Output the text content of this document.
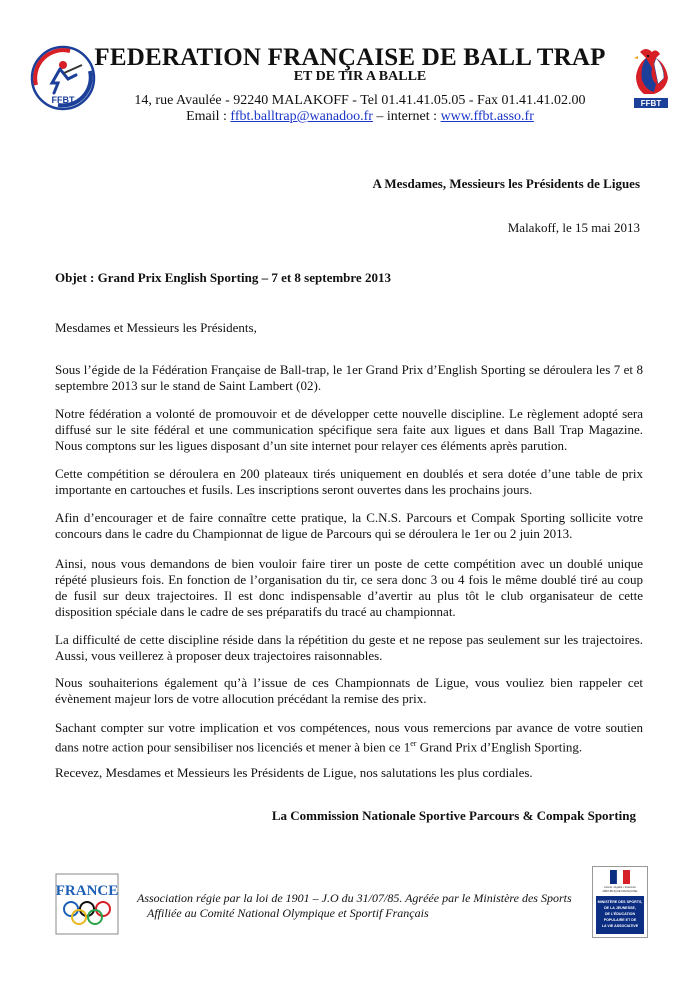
FFBT	FFBT
FEDERATION FRANÇAISE DE BALL TRAP
ET DE TIR A BALLE
14, rue Avaulée - 92240 MALAKOFF - Tel 01.41.41.05.05 - Fax 01.41.41.02.00
Email : ffbt.balltrap@wanadoo.fr – internet : www.ffbt.asso.fr
A Mesdames, Messieurs les Présidents de Ligues
Malakoff, le 15 mai 2013
Objet : Grand Prix English Sporting – 7 et 8 septembre 2013
Mesdames et Messieurs les Présidents,
Sous l’égide de la Fédération Française de Ball-trap, le 1er Grand Prix d’English Sporting se déroulera les 7 et 8 septembre 2013 sur le stand de Saint Lambert (02).
Notre fédération a volonté de promouvoir et de développer cette nouvelle discipline. Le règlement adopté sera diffusé sur le site fédéral et une communication spécifique sera faite aux ligues et dans Ball Trap Magazine. Nous comptons sur les ligues disposant d’un site internet pour relayer ces éléments après parution.
Cette compétition se déroulera en 200 plateaux tirés uniquement en doublés et sera dotée d’une table de prix importante en cartouches et fusils. Les inscriptions seront ouvertes dans les prochains jours.
Afin d’encourager et de faire connaître cette pratique, la C.N.S. Parcours et Compak Sporting sollicite votre concours dans le cadre du Championnat de ligue de Parcours qui se déroulera le 1er ou 2 juin 2013.
Ainsi, nous vous demandons de bien vouloir faire tirer un poste de cette compétition avec un doublé unique répété plusieurs fois. En fonction de l’organisation du tir, ce sera donc 3 ou 4 fois le même doublé tiré au coup de fusil sur deux trajectoires. Il est donc indispensable d’avertir au plus tôt le club organisateur de cette disposition spéciale dans le cadre de ses préparatifs du tracé au championnat.
La difficulté de cette discipline réside dans la répétition du geste et ne repose pas seulement sur les trajectoires. Aussi, vous veillerez à proposer deux trajectoires raisonnables.
Nous souhaiterions également qu’à l’issue de ces Championnats de Ligue, vous vouliez bien rappeler cet évènement majeur lors de votre allocution précédant la remise des prix.
Sachant compter sur votre implication et vos compétences, nous vous remercions par avance de votre soutien dans notre action pour sensibiliser nos licenciés et mener à bien ce 1er Grand Prix d’English Sporting.
Recevez, Mesdames et Messieurs les Présidents de Ligue, nos salutations les plus cordiales.
La Commission Nationale Sportive Parcours & Compak Sporting
FRANCE Association régie par la loi de 1901 – J.O du 31/07/85. Agréée par le Ministère des Sports
Affiliée au Comité National Olympique et Sportif Français
Liberté • Égalité • Fraternité
RÉPUBLIQUE FRANÇAISE
MINISTÈRE DES SPORTS,
DE LA JEUNESSE,
DE L’ÉDUCATION
POPULAIRE ET DE
LA VIE ASSOCIATIVE
